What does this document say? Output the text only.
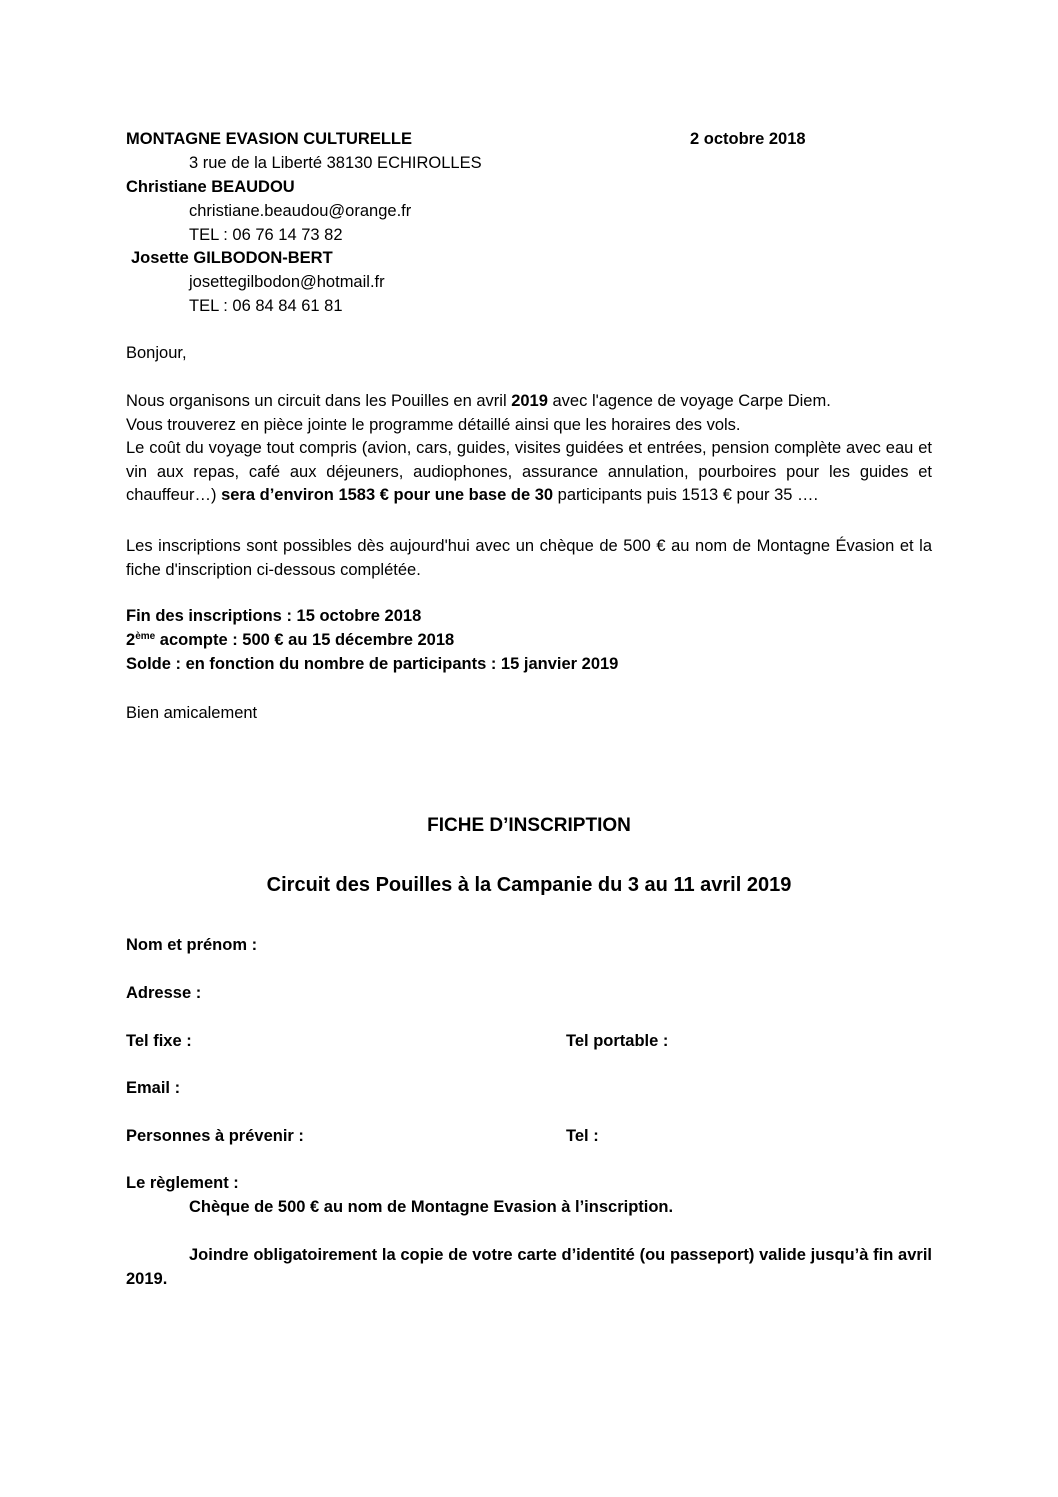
MONTAGNE EVASION CULTURELLE	2 octobre 2018
3 rue de la Liberté 38130 ECHIROLLES
Christiane BEAUDOU
christiane.beaudou@orange.fr
TEL : 06 76 14 73 82
Josette GILBODON-BERT
josettegilbodon@hotmail.fr
TEL : 06 84 84 61 81
Bonjour,
Nous organisons un circuit dans les Pouilles en avril 2019 avec l'agence de voyage Carpe Diem.
Vous trouverez en pièce jointe le programme détaillé ainsi que les horaires des vols.
Le coût du voyage tout compris (avion, cars, guides, visites guidées et entrées, pension complète avec eau et vin aux repas, café aux déjeuners, audiophones, assurance annulation, pourboires pour les guides et chauffeur…) sera d’environ 1583 € pour une base de 30 participants puis 1513 € pour 35 ….
Les inscriptions sont possibles dès aujourd'hui avec un chèque de 500 € au nom de Montagne Évasion et la fiche d'inscription ci-dessous complétée.
Fin des inscriptions : 15 octobre 2018
2ème acompte : 500 € au 15 décembre 2018
Solde : en fonction du nombre de participants : 15 janvier 2019
Bien amicalement
FICHE D’INSCRIPTION
Circuit des Pouilles à la Campanie du 3 au 11 avril 2019
Nom et prénom :
Adresse :
Tel fixe :	Tel portable :
Email :
Personnes à prévenir :	Tel :
Le règlement :
Chèque de 500 € au nom de Montagne Evasion à l’inscription.
Joindre obligatoirement la copie de votre carte d’identité (ou passeport) valide jusqu’à fin avril 2019.
